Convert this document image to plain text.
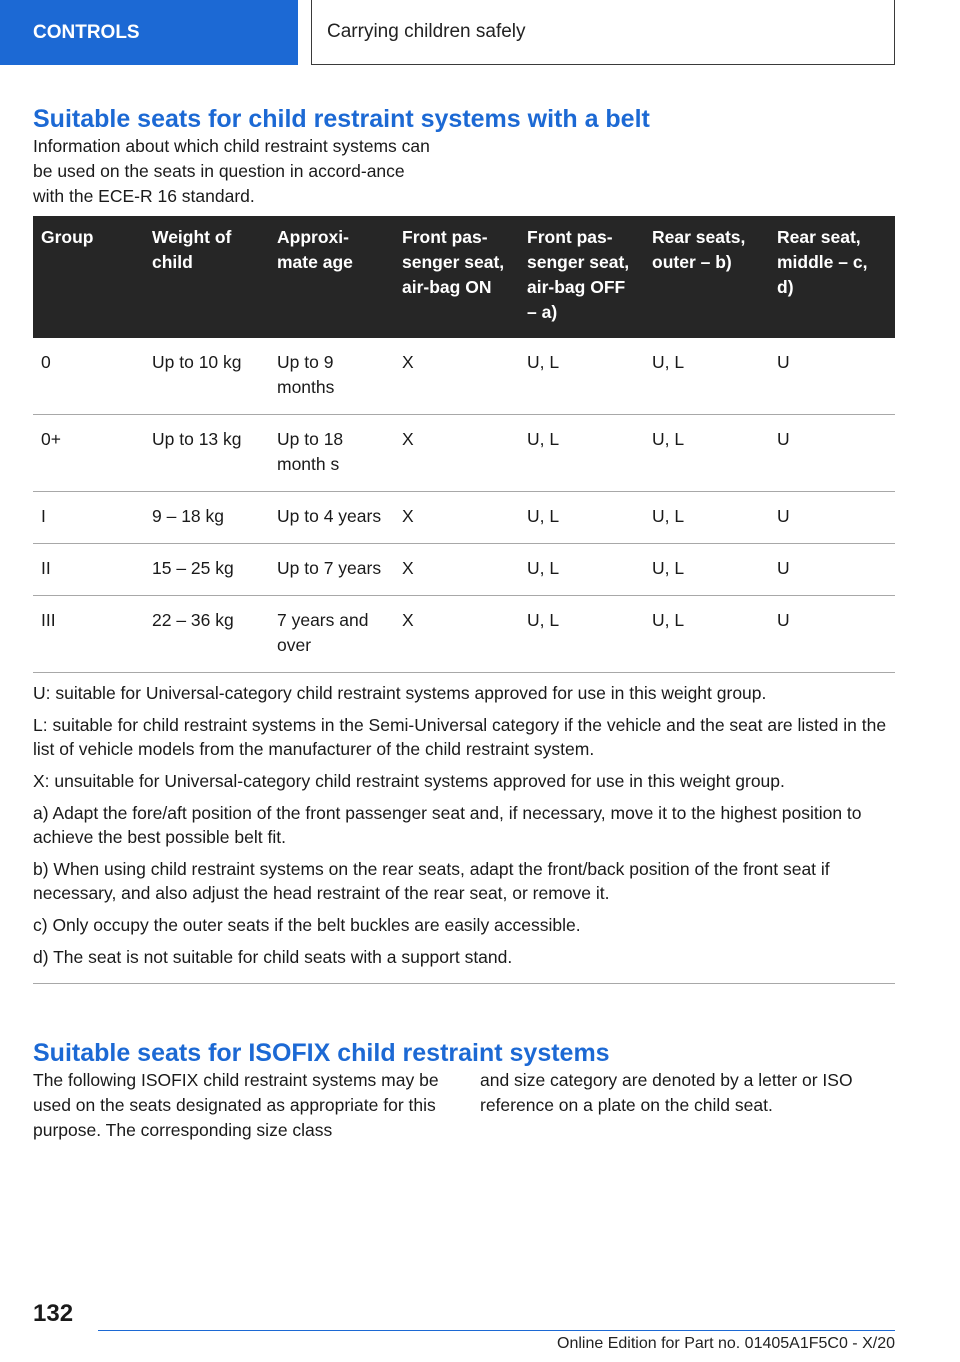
CONTROLS	Carrying children safely
Suitable seats for child restraint systems with a belt

Information about which child restraint systems can be used on the seats in question in accord-ance with the ECE-R 16 standard.

Group	Weight of child	Approxi-mate age	Front pas-senger seat, air-bag ON	Front pas-senger seat, air-bag OFF – a)	Rear seats, outer – b)	Rear seat, middle – c, d)
0	Up to 10 kg	Up to 9 months	X	U, L	U, L	U
0+	Up to 13 kg	Up to 18 month s	X	U, L	U, L	U
I	9 – 18 kg	Up to 4 years	X	U, L	U, L	U
II	15 – 25 kg	Up to 7 years	X	U, L	U, L	U
III	22 – 36 kg	7 years and over	X	U, L	U, L	U

U: suitable for Universal-category child restraint systems approved for use in this weight group.

L: suitable for child restraint systems in the Semi-Universal category if the vehicle and the seat are listed in the list of vehicle models from the manufacturer of the child restraint system.

X: unsuitable for Universal-category child restraint systems approved for use in this weight group.

a) Adapt the fore/aft position of the front passenger seat and, if necessary, move it to the highest position to achieve the best possible belt fit.

b) When using child restraint systems on the rear seats, adapt the front/back position of the front seat if necessary, and also adjust the head restraint of the rear seat, or remove it.

c) Only occupy the outer seats if the belt buckles are easily accessible.

d) The seat is not suitable for child seats with a support stand.

Suitable seats for ISOFIX child restraint systems

The following ISOFIX child restraint systems may be used on the seats designated as appropriate for this purpose. The corresponding size class

and size category are denoted by a letter or ISO reference on a plate on the child seat.

132
Online Edition for Part no. 01405A1F5C0 - X/20
